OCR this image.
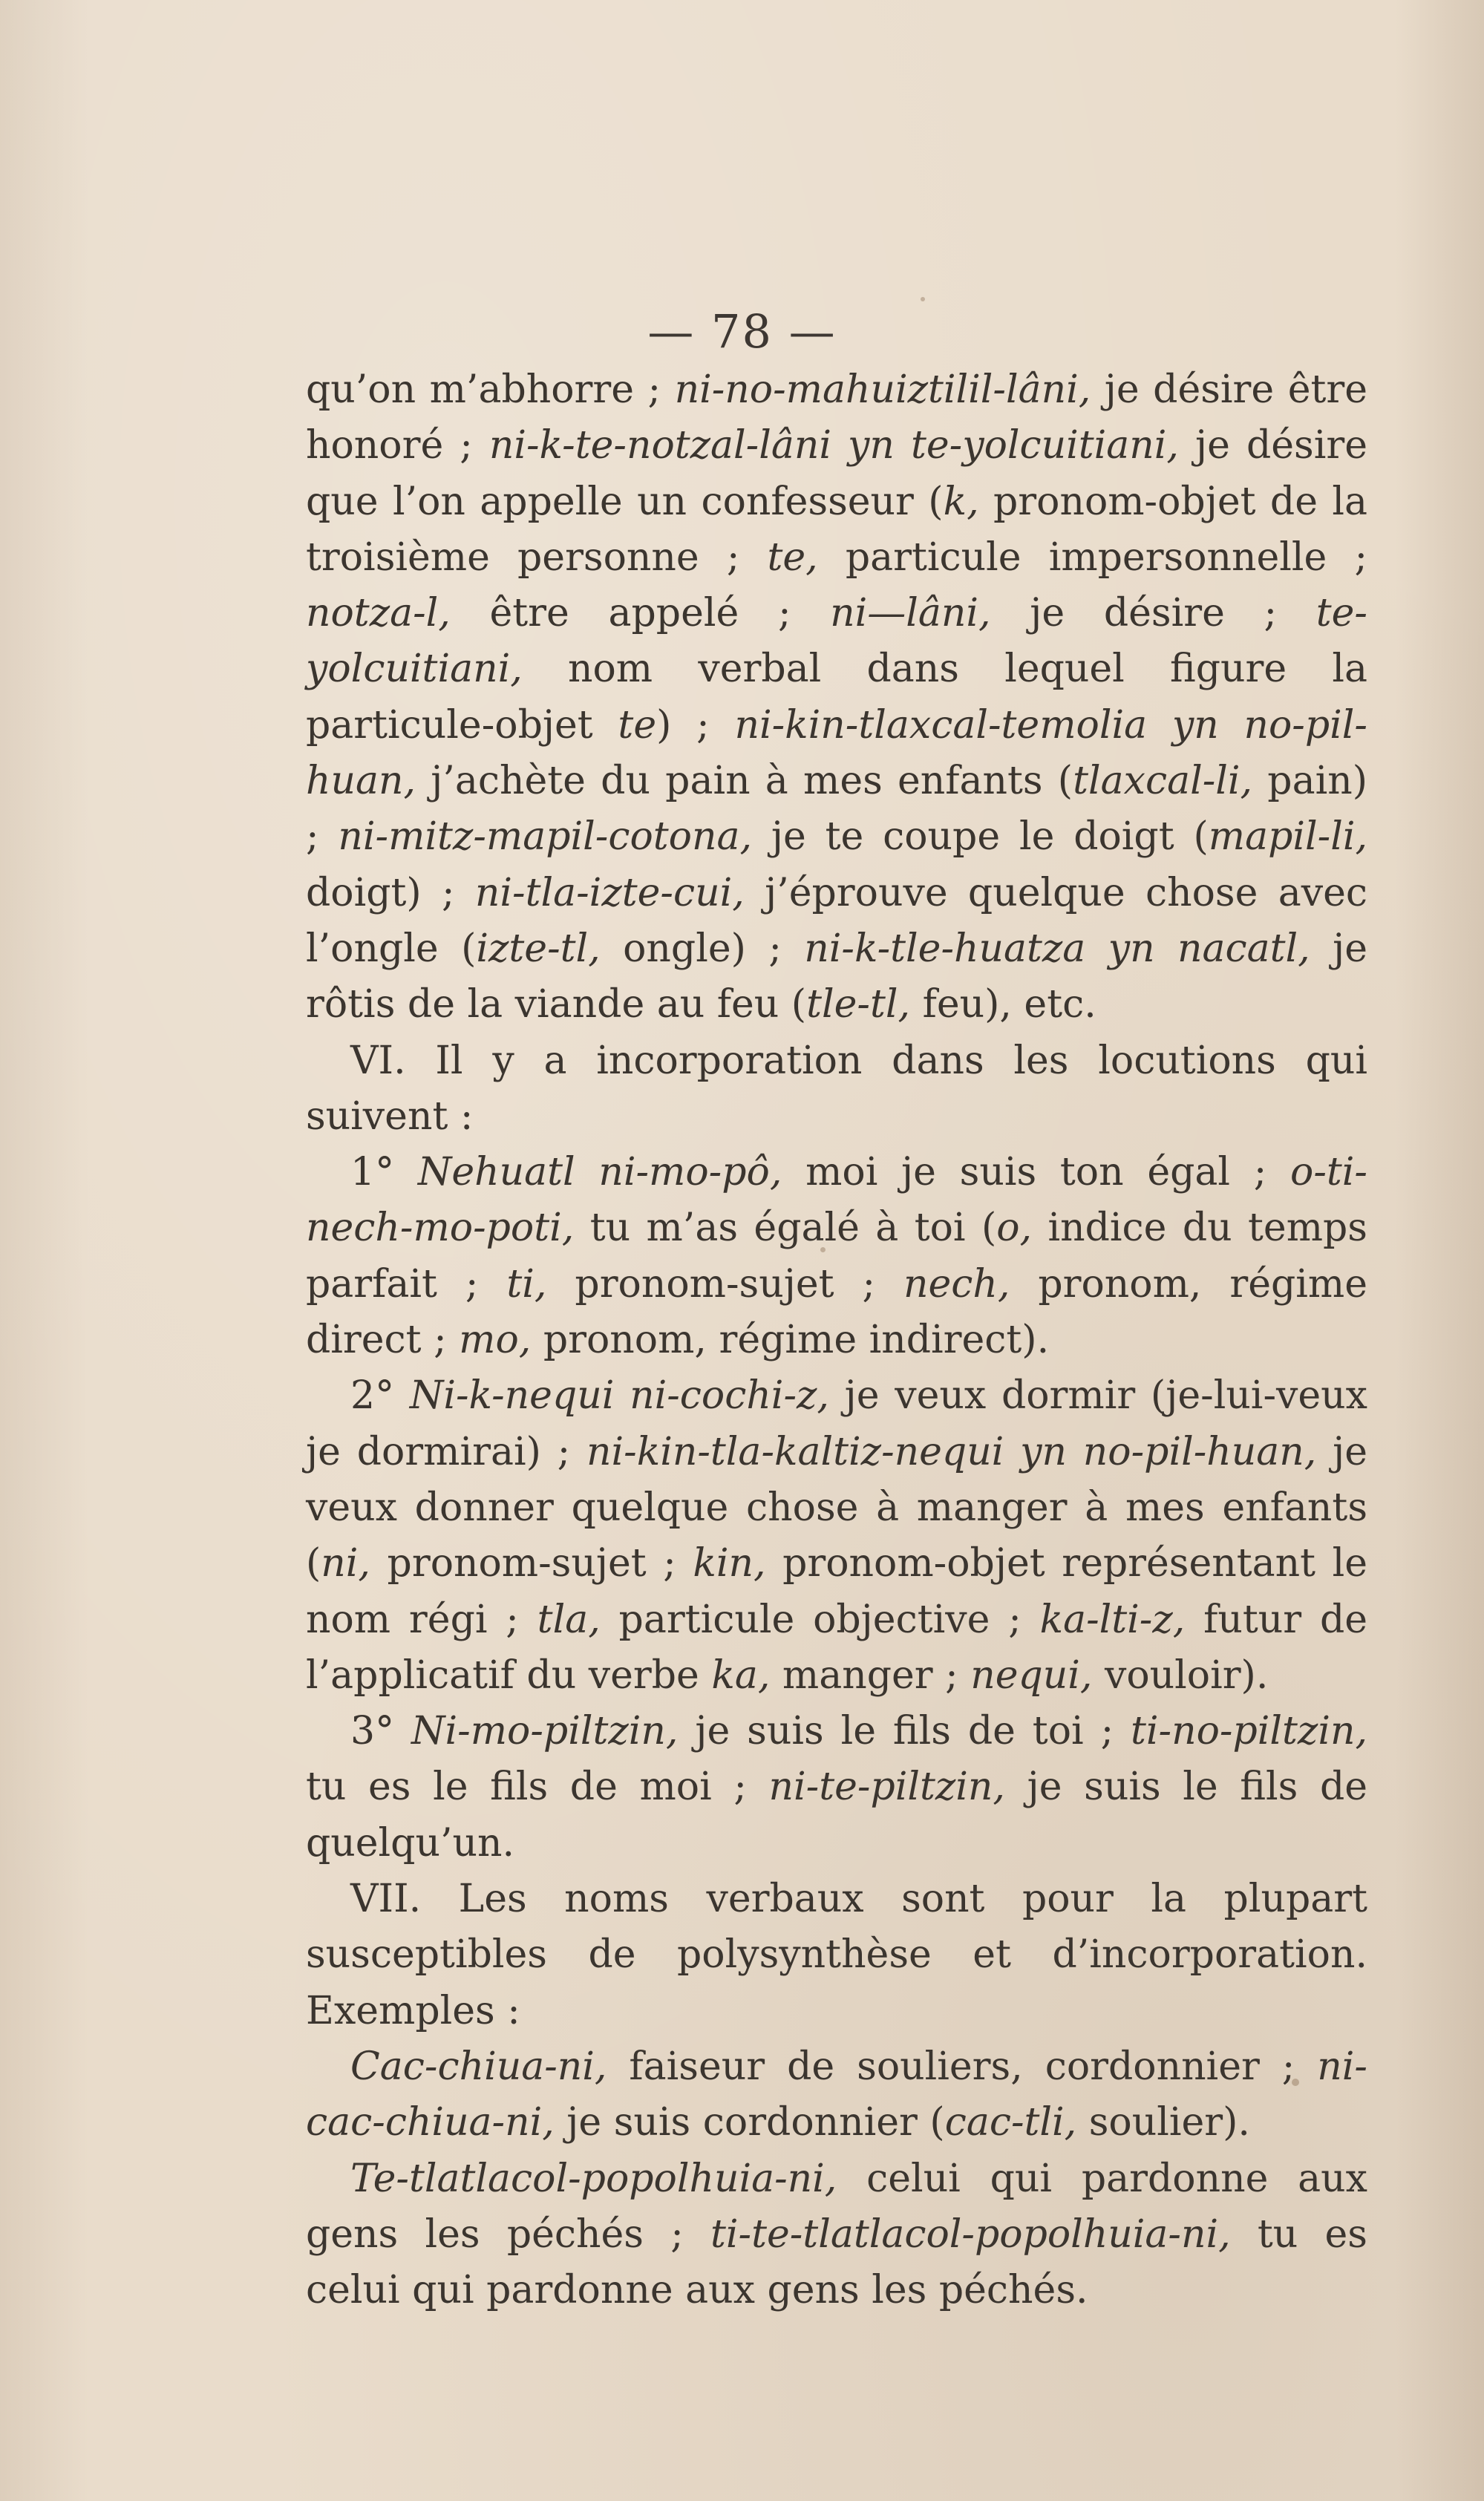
— 78 —

qu’on m’abhorre ; ni-no-mahuiztilil-lâni, je désire être honoré ; ni-k-te-notzal-lâni yn te-yolcuitiani, je désire que l’on appelle un confesseur (k, pronom-objet de la troisième personne ; te, particule impersonnelle ; notza-l, être appelé ; ni—lâni, je désire ; te-yolcuitiani, nom verbal dans lequel figure la particule-objet te) ; ni-kin-tlaxcal-temolia yn no-pil-huan, j’achète du pain à mes enfants (tlaxcal-li, pain) ; ni-mitz-mapil-cotona, je te coupe le doigt (mapil-li, doigt) ; ni-tla-izte-cui, j’éprouve quelque chose avec l’ongle (izte-tl, ongle) ; ni-k-tle-huatza yn nacatl, je rôtis de la viande au feu (tle-tl, feu), etc.

VI. Il y a incorporation dans les locutions qui suivent :

1° Nehuatl ni-mo-pô, moi je suis ton égal ; o-ti-nech-mo-poti, tu m’as égalé à toi (o, indice du temps parfait ; ti, pronom-sujet ; nech, pronom, régime direct ; mo, pronom, régime indirect).

2° Ni-k-nequi ni-cochi-z, je veux dormir (je-lui-veux je dormirai) ; ni-kin-tla-kaltiz-nequi yn no-pil-huan, je veux donner quelque chose à manger à mes enfants (ni, pronom-sujet ; kin, pronom-objet représentant le nom régi ; tla, particule objective ; ka-lti-z, futur de l’applicatif du verbe ka, manger ; nequi, vouloir).

3° Ni-mo-piltzin, je suis le fils de toi ; ti-no-piltzin, tu es le fils de moi ; ni-te-piltzin, je suis le fils de quelqu’un.

VII. Les noms verbaux sont pour la plupart susceptibles de polysynthèse et d’incorporation. Exemples :

Cac-chiua-ni, faiseur de souliers, cordonnier ; ni-cac-chiua-ni, je suis cordonnier (cac-tli, soulier).

Te-tlatlacol-popolhuia-ni, celui qui pardonne aux gens les péchés ; ti-te-tlatlacol-popolhuia-ni, tu es celui qui pardonne aux gens les péchés.
